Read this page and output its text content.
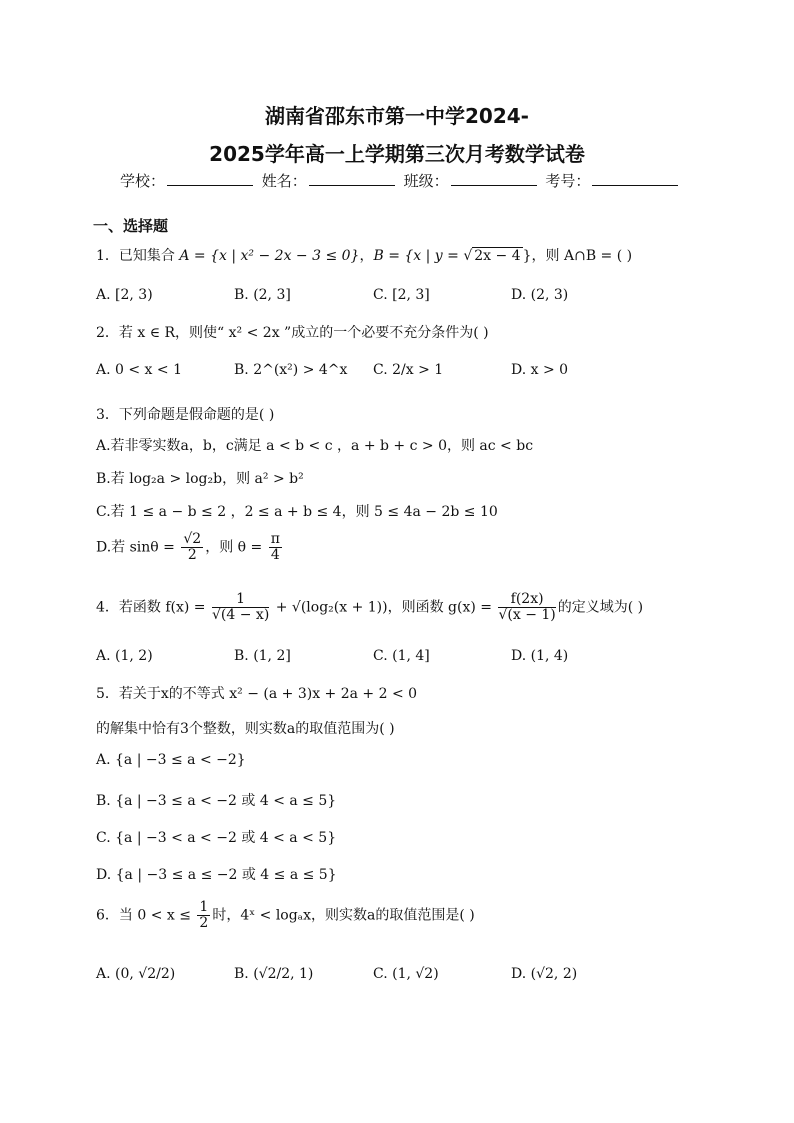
湖南省邵东市第一中学2024-
2025学年高一上学期第三次月考数学试卷
学校：	姓名：	班级：	考号：
一、选择题
1．已知集合 A = {x | x² − 2x − 3 ≤ 0}，B = {x | y = √ 2x − 4 }，则 A∩B = ( )
A. [2, 3)	B. (2, 3]	C. [2, 3]	D. (2, 3)
2．若 x ∈ R，则使“ x² < 2x ”成立的一个必要不充分条件为( )
A. 0 < x < 1	B. 2^(x²) > 4^x C. 2/x > 1	D. x > 0
3．下列命题是假命题的是( )
A.若非零实数a，b，c满足 a < b < c ，a + b + c > 0，则 ac < bc
B.若 log₂a > log₂b，则 a² > b²
C.若 1 ≤ a − b ≤ 2 ，2 ≤ a + b ≤ 4，则 5 ≤ 4a − 2b ≤ 10
D.若 $\sin\theta = \frac{√2}{2}$ ，则 $\theta = \frac{\pi}{4}$
4．若函数 $f(x) = \frac{1}{√(4 - x)} + √(\log_2(x + 1))$，则函数 $g(x) = \frac{f(2x)}{√(x - 1)}$ 的定义域为( )
A. (1, 2)	B. (1, 2]	C. (1, 4]	D. (1, 4)
5．若关于x的不等式 x² − (a + 3)x + 2a + 2 < 0
的解集中恰有3个整数，则实数a的取值范围为( )
A. {a | −3 ≤ a < −2}
B. {a | −3 ≤ a < −2 或 4 < a ≤ 5}
C. {a | −3 < a < −2 或 4 < a < 5}
D. {a | −3 ≤ a ≤ −2 或 4 ≤ a ≤ 5}
6．当 $0 < x \le \frac{1}{2}$ 时，4ˣ < logₐx，则实数a的取值范围是( )
A. (0, √2/2)	B. (√2/2, 1)	C. (1, √2)	D. (√2, 2)
